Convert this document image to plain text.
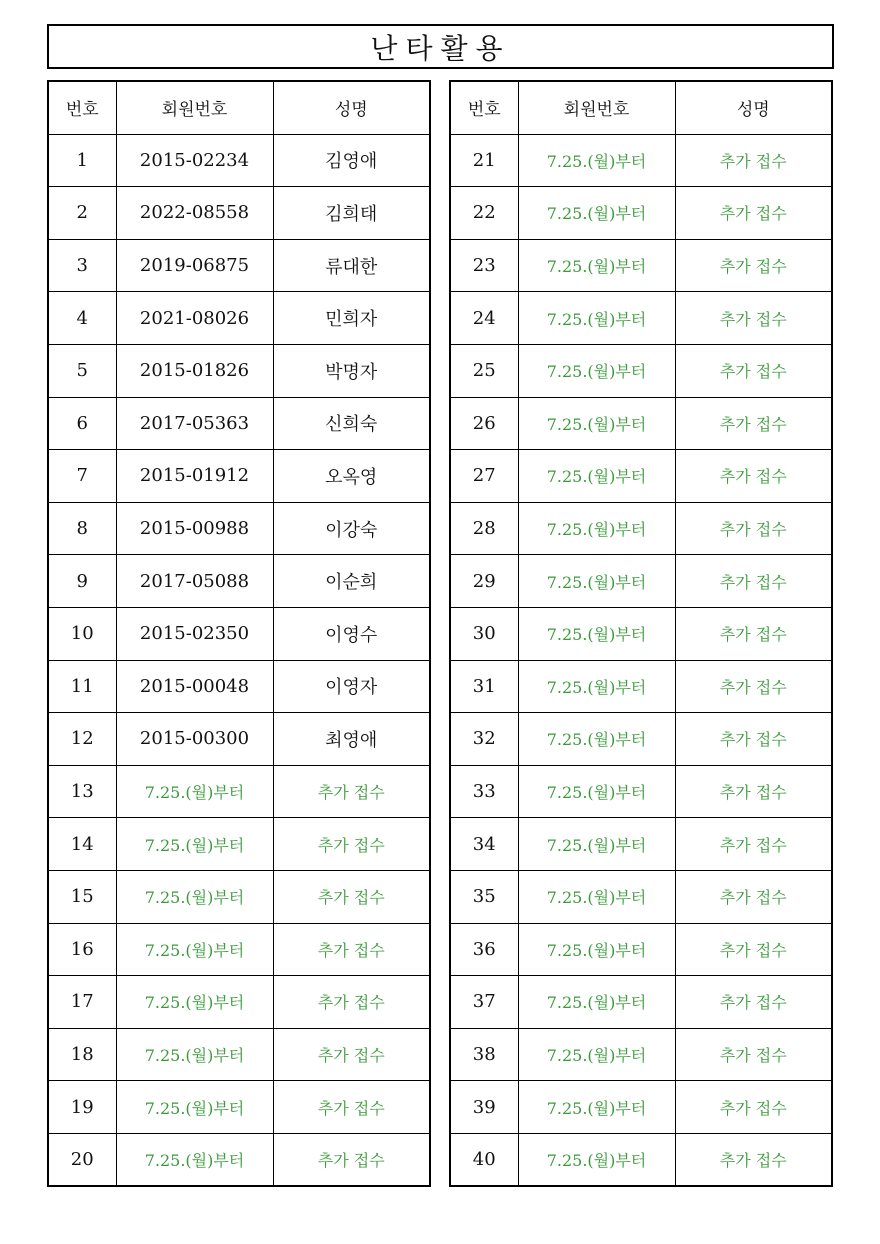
난타활용
번호	회원번호	성명
1	2015-02234	김영애
2	2022-08558	김희태
3	2019-06875	류대한
4	2021-08026	민희자
5	2015-01826	박명자
6	2017-05363	신희숙
7	2015-01912	오옥영
8	2015-00988	이강숙
9	2017-05088	이순희
10	2015-02350	이영수
11	2015-00048	이영자
12	2015-00300	최영애
13	7.25.(월)부터	추가 접수
14	7.25.(월)부터	추가 접수
15	7.25.(월)부터	추가 접수
16	7.25.(월)부터	추가 접수
17	7.25.(월)부터	추가 접수
18	7.25.(월)부터	추가 접수
19	7.25.(월)부터	추가 접수
20	7.25.(월)부터	추가 접수
번호	회원번호	성명
21	7.25.(월)부터	추가 접수
22	7.25.(월)부터	추가 접수
23	7.25.(월)부터	추가 접수
24	7.25.(월)부터	추가 접수
25	7.25.(월)부터	추가 접수
26	7.25.(월)부터	추가 접수
27	7.25.(월)부터	추가 접수
28	7.25.(월)부터	추가 접수
29	7.25.(월)부터	추가 접수
30	7.25.(월)부터	추가 접수
31	7.25.(월)부터	추가 접수
32	7.25.(월)부터	추가 접수
33	7.25.(월)부터	추가 접수
34	7.25.(월)부터	추가 접수
35	7.25.(월)부터	추가 접수
36	7.25.(월)부터	추가 접수
37	7.25.(월)부터	추가 접수
38	7.25.(월)부터	추가 접수
39	7.25.(월)부터	추가 접수
40	7.25.(월)부터	추가 접수
